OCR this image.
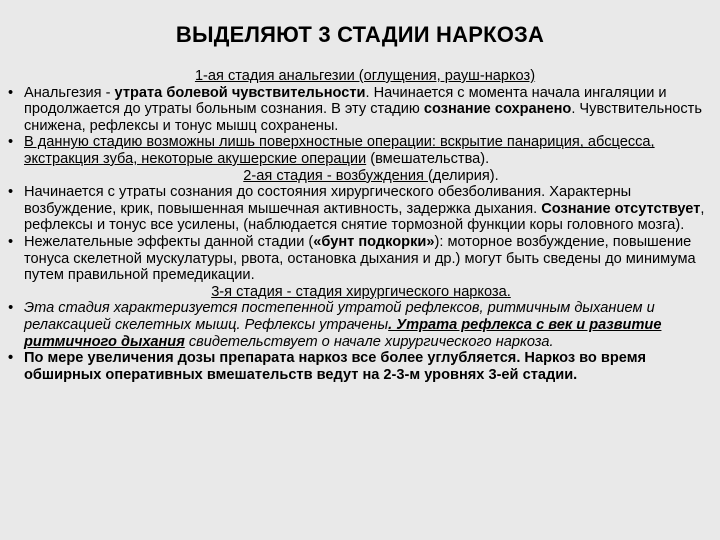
ВЫДЕЛЯЮТ 3 СТАДИИ НАРКОЗА

1-ая стадия анальгезии (оглущения, рауш-наркоз)

• Анальгезия - утрата болевой чувствительности. Начинается с момента начала ингаляции и продолжается до утраты больным сознания. В эту стадию сознание сохранено. Чувствительность снижена, рефлексы и тонус мышц сохранены.

• В данную стадию возможны лишь поверхностные операции: вскрытие панариция, абсцесса, экстракция зуба, некоторые акушерские операции (вмешательства).

2-ая стадия - возбуждения (делирия).

• Начинается с утраты сознания до состояния хирургического обезболивания. Характерны возбуждение, крик, повышенная мышечная активность, задержка дыхания. Сознание отсутствует, рефлексы и тонус все усилены, (наблюдается снятие тормозной функции коры головного мозга).

• Нежелательные эффекты данной стадии («бунт подкорки»): моторное возбуждение, повышение тонуса скелетной мускулатуры, рвота, остановка дыхания и др.) могут быть сведены до минимума путем правильной премедикации.

3-я стадия - стадия хирургического наркоза.

• Эта стадия характеризуется постепенной утратой рефлексов, ритмичным дыханием и релаксацией скелетных мышц. Рефлексы утрачены. Утрата рефлекса с век и развитие ритмичного дыхания свидетельствует о начале хирургического наркоза.

• По мере увеличения дозы препарата наркоз все более углубляется. Наркоз во время обширных оперативных вмешательств ведут на 2-3-м уровнях 3-ей стадии.
